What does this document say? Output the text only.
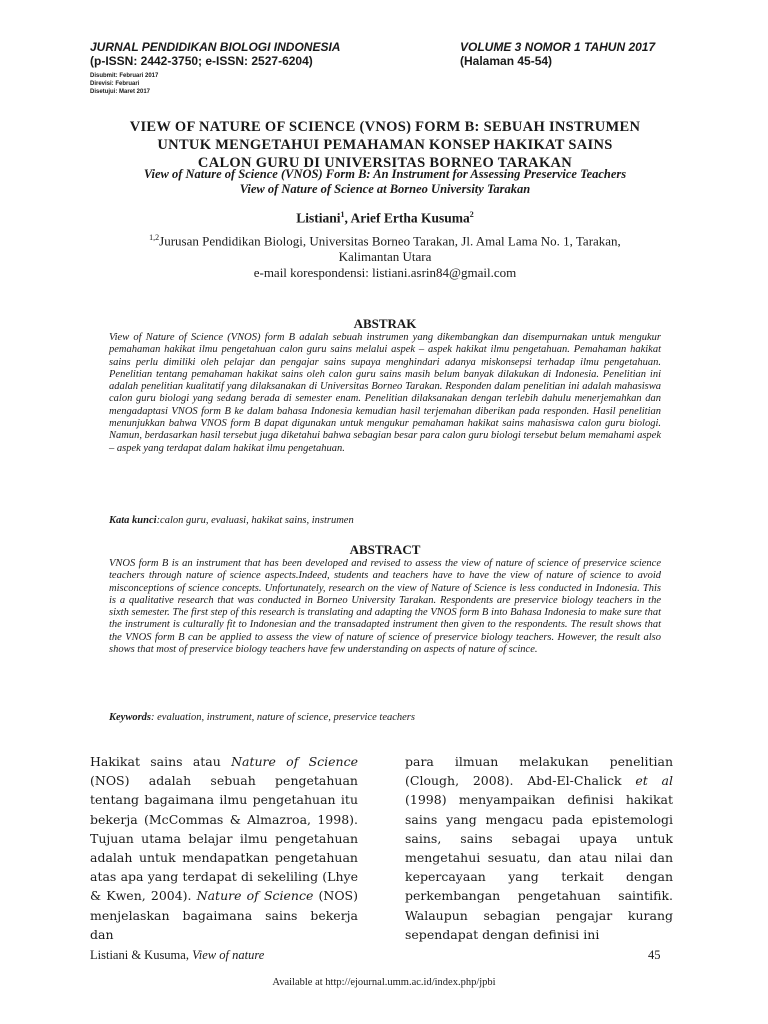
JURNAL PENDIDIKAN BIOLOGI INDONESIA	VOLUME 3 NOMOR 1 TAHUN 2017
(p-ISSN: 2442-3750; e-ISSN: 2527-6204)	(Halaman 45-54)
Disubmit: Februari 2017
Direvisi: Februari
Disetujui: Maret 2017
VIEW OF NATURE OF SCIENCE (VNOS) FORM B: SEBUAH INSTRUMEN
UNTUK MENGETAHUI PEMAHAMAN KONSEP HAKIKAT SAINS
CALON GURU DI UNIVERSITAS BORNEO TARAKAN
View of Nature of Science (VNOS) Form B: An Instrument for Assessing Preservice Teachers
View of Nature of Science at Borneo University Tarakan
Listiani$^1$, Arief Ertha Kusuma$^2$
$^{1,2}$Jurusan Pendidikan Biologi, Universitas Borneo Tarakan, Jl. Amal Lama No. 1, Tarakan,
Kalimantan Utara
e-mail korespondensi: listiani.asrin84@gmail.com
ABSTRAK
View of Nature of Science (VNOS) form B adalah sebuah instrumen yang dikembangkan dan disempurnakan untuk mengukur pemahaman hakikat ilmu pengetahuan calon guru sains melalui aspek – aspek hakikat ilmu pengetahuan. Pemahaman hakikat sains perlu dimiliki oleh pelajar dan pengajar sains supaya menghindari adanya miskonsepsi terhadap ilmu pengetahuan. Penelitian tentang pemahaman hakikat sains oleh calon guru sains masih belum banyak dilakukan di Indonesia. Penelitian ini adalah penelitian kualitatif yang dilaksanakan di Universitas Borneo Tarakan. Responden dalam penelitian ini adalah mahasiswa calon guru biologi yang sedang berada di semester enam. Penelitian dilaksanakan dengan terlebih dahulu menerjemahkan dan mengadaptasi VNOS form B ke dalam bahasa Indonesia kemudian hasil terjemahan diberikan pada responden. Hasil penelitian menunjukkan bahwa VNOS form B dapat digunakan untuk mengukur pemahaman hakikat sains mahasiswa calon guru biologi. Namun, berdasarkan hasil tersebut juga diketahui bahwa sebagian besar para calon guru biologi tersebut belum memahami aspek – aspek yang terdapat dalam hakikat ilmu pengetahuan.
Kata kunci:calon guru, evaluasi, hakikat sains, instrumen
ABSTRACT
VNOS form B is an instrument that has been developed and revised to assess the view of nature of science of preservice science teachers through nature of science aspects.Indeed, students and teachers have to have the view of nature of science to avoid misconceptions of science concepts. Unfortunately, research on the view of Nature of Science is less conducted in Indonesia. This is a qualitative research that was conducted in Borneo University Tarakan. Respondents are preservice biology teachers in the sixth semester. The first step of this research is translating and adapting the VNOS form B into Bahasa Indonesia to make sure that the instrument is culturally fit to Indonesian and the transadapted instrument then given to the respondents. The result shows that the VNOS form B can be applied to assess the view of nature of science of preservice biology teachers. However, the result also shows that most of preservice biology teachers have few understanding on aspects of nature of scince.
Keywords: evaluation, instrument, nature of science, preservice teachers
Hakikat sains atau Nature of Science (NOS) adalah sebuah pengetahuan tentang bagaimana ilmu pengetahuan itu bekerja (McCommas & Almazroa, 1998). Tujuan utama belajar ilmu pengetahuan adalah untuk mendapatkan pengetahuan atas apa yang terdapat di sekeliling (Lhye & Kwen, 2004). Nature of Science (NOS) menjelaskan bagaimana sains bekerja dan
para ilmuan melakukan penelitian (Clough, 2008). Abd-El-Chalick et al (1998) menyampaikan definisi hakikat sains yang mengacu pada epistemologi sains, sains sebagai upaya untuk mengetahui sesuatu, dan atau nilai dan kepercayaan yang terkait dengan perkembangan pengetahuan saintifik. Walaupun sebagian pengajar kurang sependapat dengan definisi ini
Listiani & Kusuma, View of nature	45
Available at http://ejournal.umm.ac.id/index.php/jpbi
